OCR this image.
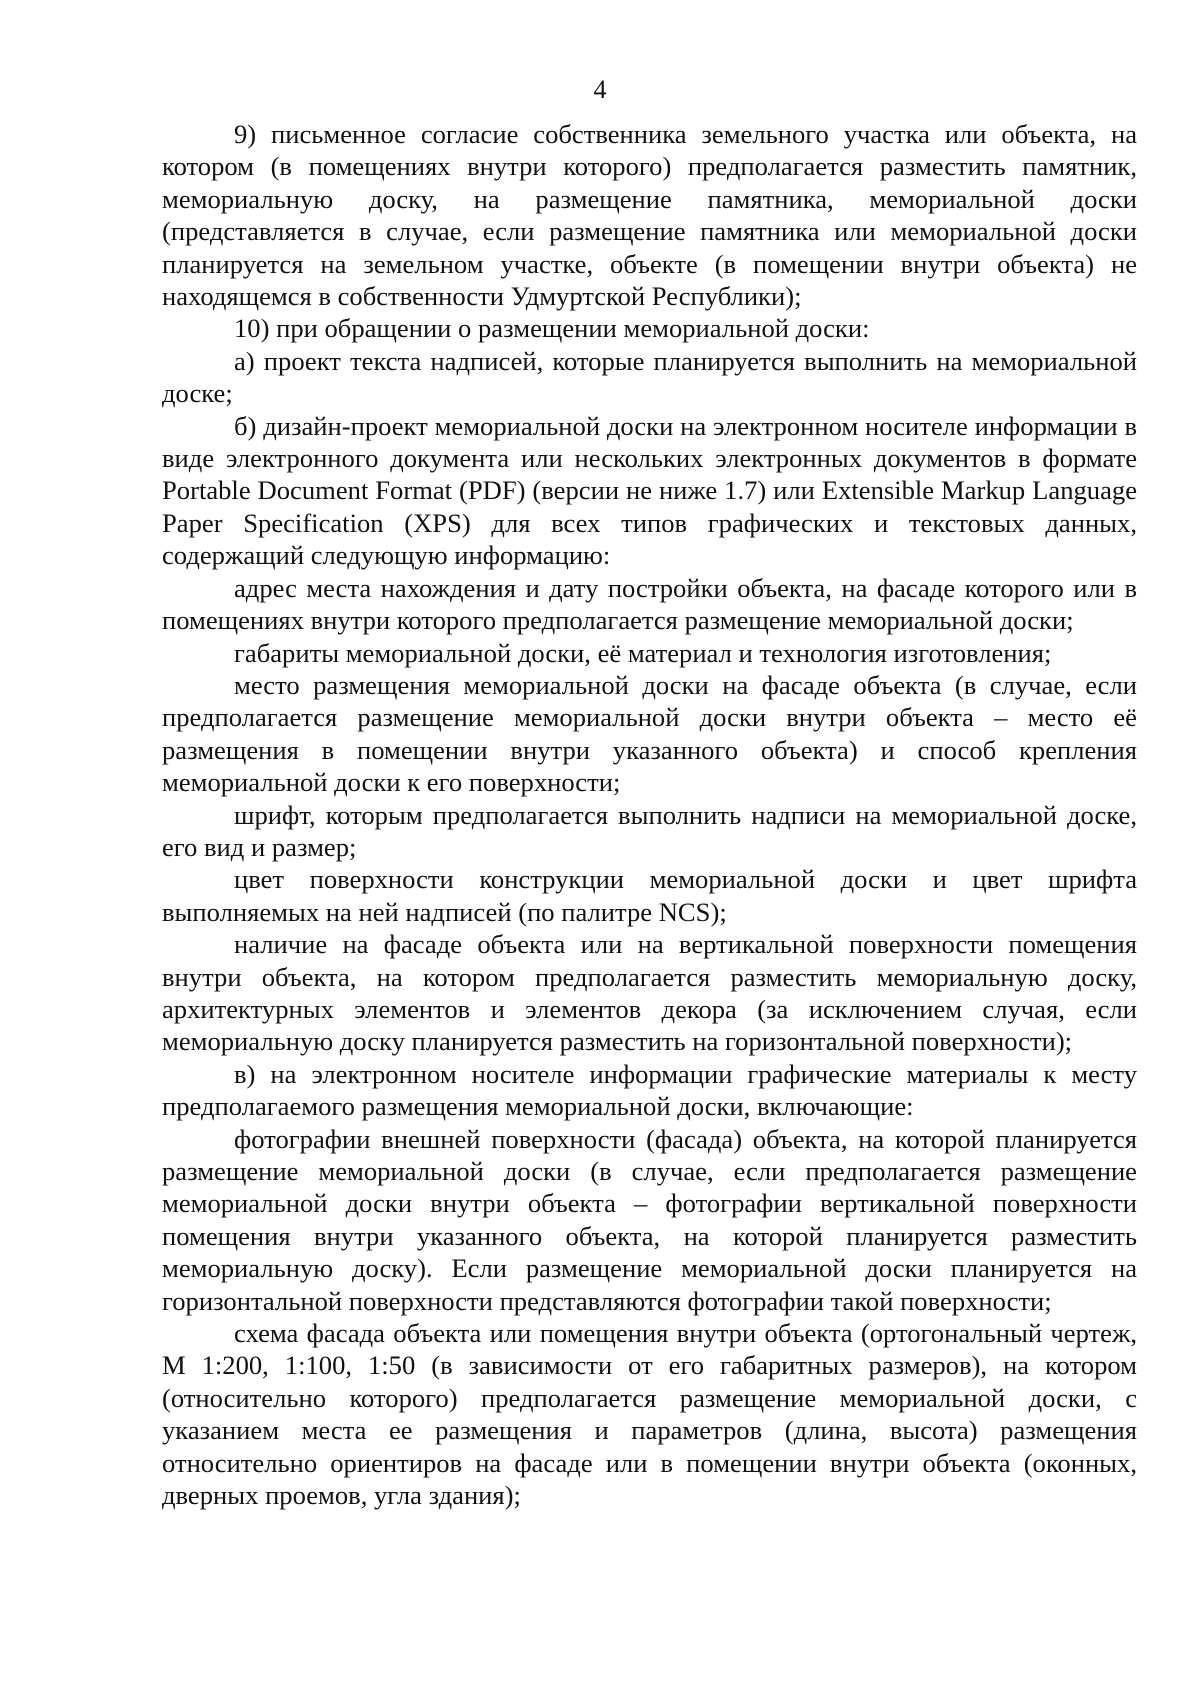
4

9) письменное согласие собственника земельного участка или объекта, на котором (в помещениях внутри которого) предполагается разместить памятник, мемориальную доску, на размещение памятника, мемориальной доски (представляется в случае, если размещение памятника или мемориальной доски планируется на земельном участке, объекте (в помещении внутри объекта) не находящемся в собственности Удмуртской Республики);

10) при обращении о размещении мемориальной доски:

а) проект текста надписей, которые планируется выполнить на мемориальной доске;

б) дизайн-проект мемориальной доски на электронном носителе информации в виде электронного документа или нескольких электронных документов в формате Portable Document Format (PDF) (версии не ниже 1.7) или Extensible Markup Language Paper Specification (XPS) для всех типов графических и текстовых данных, содержащий следующую информацию:

адрес места нахождения и дату постройки объекта, на фасаде которого или в помещениях внутри которого предполагается размещение мемориальной доски;

габариты мемориальной доски, её материал и технология изготовления;

место размещения мемориальной доски на фасаде объекта (в случае, если предполагается размещение мемориальной доски внутри объекта – место её размещения в помещении внутри указанного объекта) и способ крепления мемориальной доски к его поверхности;

шрифт, которым предполагается выполнить надписи на мемориальной доске, его вид и размер;

цвет поверхности конструкции мемориальной доски и цвет шрифта выполняемых на ней надписей (по палитре NCS);

наличие на фасаде объекта или на вертикальной поверхности помещения внутри объекта, на котором предполагается разместить мемориальную доску, архитектурных элементов и элементов декора (за исключением случая, если мемориальную доску планируется разместить на горизонтальной поверхности);

в) на электронном носителе информации графические материалы к месту предполагаемого размещения мемориальной доски, включающие:

фотографии внешней поверхности (фасада) объекта, на которой планируется размещение мемориальной доски (в случае, если предполагается размещение мемориальной доски внутри объекта – фотографии вертикальной поверхности помещения внутри указанного объекта, на которой планируется разместить мемориальную доску). Если размещение мемориальной доски планируется на горизонтальной поверхности представляются фотографии такой поверхности;

схема фасада объекта или помещения внутри объекта (ортогональный чертеж, М 1:200, 1:100, 1:50 (в зависимости от его габаритных размеров), на котором (относительно которого) предполагается размещение мемориальной доски, с указанием места ее размещения и параметров (длина, высота) размещения относительно ориентиров на фасаде или в помещении внутри объекта (оконных, дверных проемов, угла здания);
